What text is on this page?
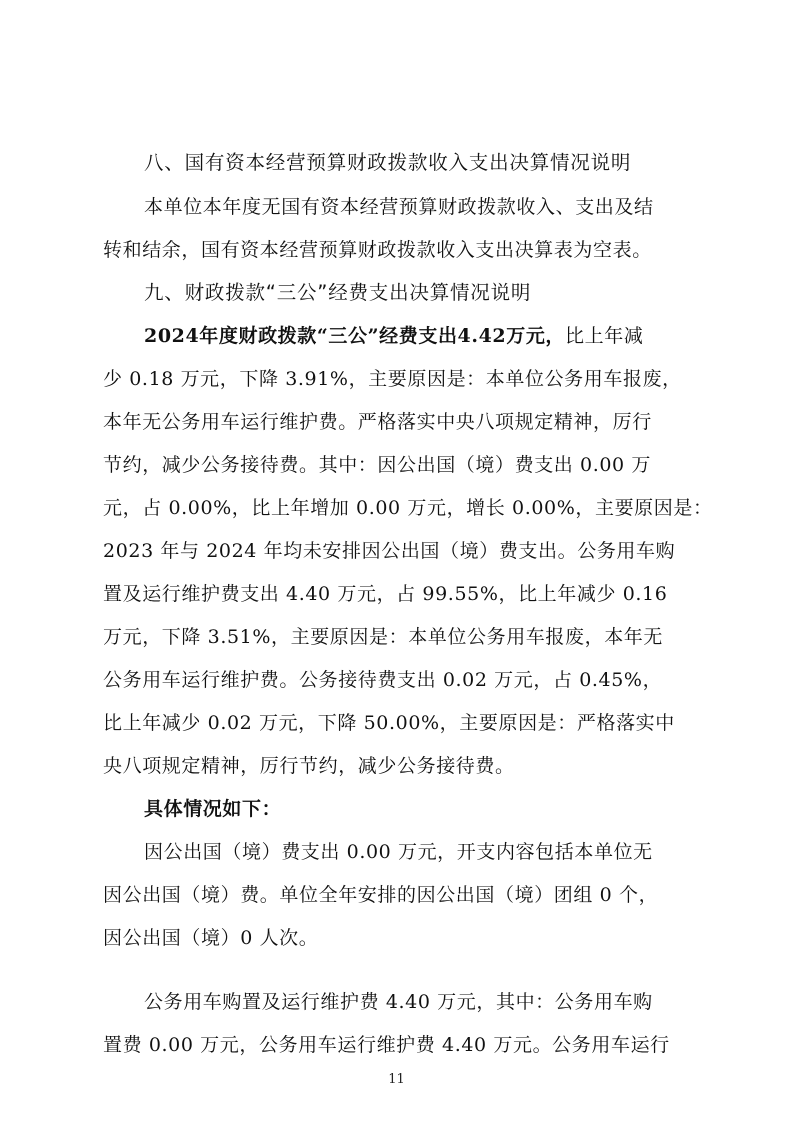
八、国有资本经营预算财政拨款收入支出决算情况说明
本单位本年度无国有资本经营预算财政拨款收入、支出及结
转和结余，国有资本经营预算财政拨款收入支出决算表为空表。
九、财政拨款“三公”经费支出决算情况说明
2024年度财政拨款“三公”经费支出4.42万元，比上年减
少 0.18 万元，下降 3.91%，主要原因是：本单位公务用车报废，
本年无公务用车运行维护费。严格落实中央八项规定精神，厉行
节约，减少公务接待费。其中：因公出国（境）费支出 0.00 万
元，占 0.00%，比上年增加 0.00 万元，增长 0.00%，主要原因是：
2023 年与 2024 年均未安排因公出国（境）费支出。公务用车购
置及运行维护费支出 4.40 万元，占 99.55%，比上年减少 0.16
万元，下降 3.51%，主要原因是：本单位公务用车报废，本年无
公务用车运行维护费。公务接待费支出 0.02 万元，占 0.45%，
比上年减少 0.02 万元，下降 50.00%，主要原因是：严格落实中
央八项规定精神，厉行节约，减少公务接待费。
具体情况如下：
因公出国（境）费支出 0.00 万元，开支内容包括本单位无
因公出国（境）费。单位全年安排的因公出国（境）团组 0 个，
因公出国（境）0 人次。
公务用车购置及运行维护费 4.40 万元，其中：公务用车购
置费 0.00 万元，公务用车运行维护费 4.40 万元。公务用车运行
11
